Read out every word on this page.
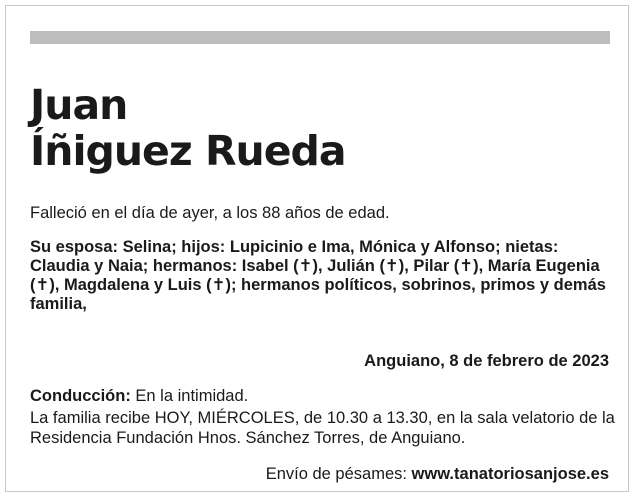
Juan
Íñiguez Rueda

Falleció en el día de ayer, a los 88 años de edad.

Su esposa: Selina; hijos: Lupicinio e Ima, Mónica y Alfonso; nietas: Claudia y Naia; hermanos: Isabel (✝), Julián (✝), Pilar (✝), María Eugenia (✝), Magdalena y Luis (✝); hermanos políticos, sobrinos, primos y demás familia,

Anguiano, 8 de febrero de 2023

Conducción: En la intimidad.

La familia recibe HOY, MIÉRCOLES, de 10.30 a 13.30, en la sala velatorio de la Residencia Fundación Hnos. Sánchez Torres, de Anguiano.

Envío de pésames: www.tanatoriosanjose.es
